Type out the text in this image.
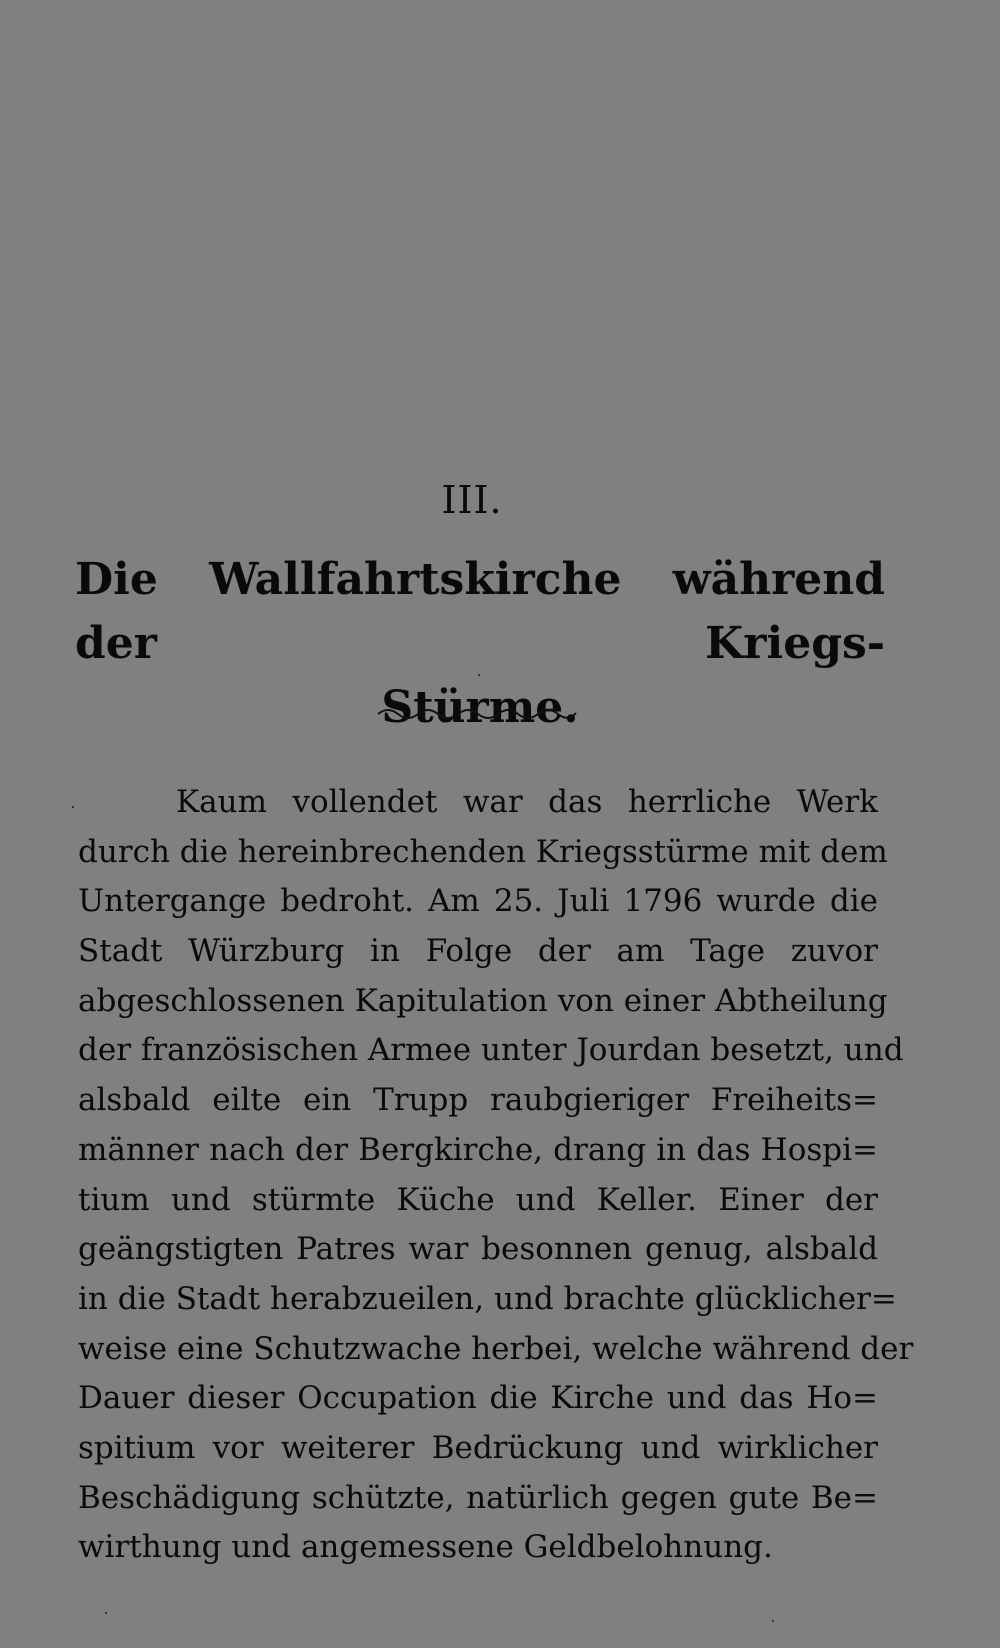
III.
Die Wallfahrtskirche während der Kriegs-
Stürme.
Kaum vollendet war das herrliche Werk
durch die hereinbrechenden Kriegsstürme mit dem
Untergange bedroht. Am 25. Juli 1796 wurde die
Stadt Würzburg in Folge der am Tage zuvor
abgeschlossenen Kapitulation von einer Abtheilung
der französischen Armee unter Jourdan besetzt, und
alsbald eilte ein Trupp raubgieriger Freiheits=
männer nach der Bergkirche, drang in das Hospi=
tium und stürmte Küche und Keller. Einer der
geängstigten Patres war besonnen genug, alsbald
in die Stadt herabzueilen, und brachte glücklicher=
weise eine Schutzwache herbei, welche während der
Dauer dieser Occupation die Kirche und das Ho=
spitium vor weiterer Bedrückung und wirklicher
Beschädigung schützte, natürlich gegen gute Be=
wirthung und angemessene Geldbelohnung.
